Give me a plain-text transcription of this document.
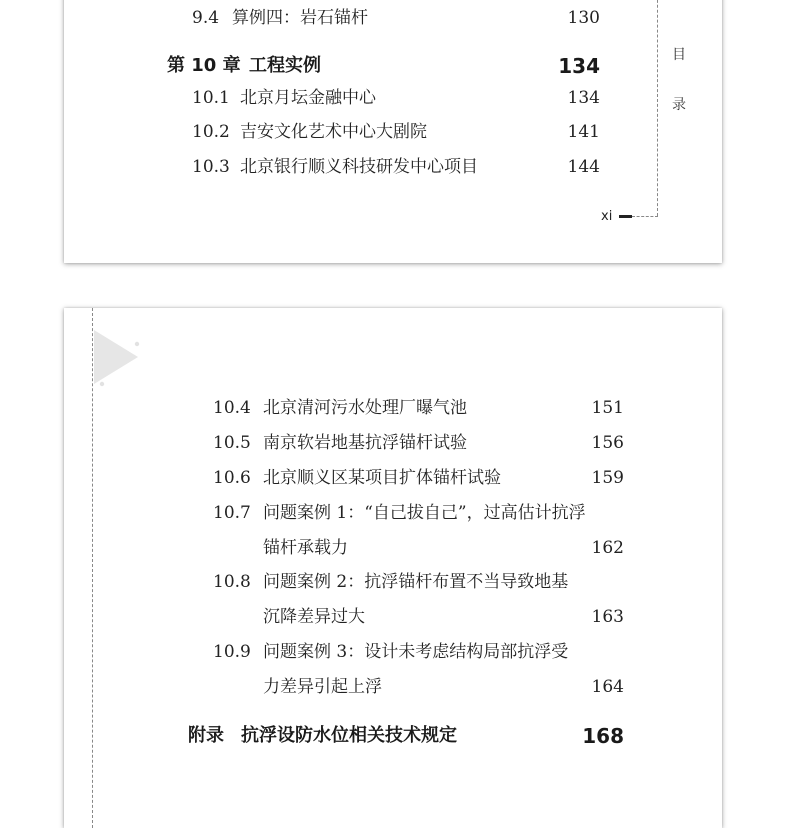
9.4 算例四：岩石锚杆	130
第 10 章 工程实例	134
10.1 北京月坛金融中心	134
10.2 吉安文化艺术中心大剧院	141
10.3 北京银行顺义科技研发中心项目	144
目
录
xi
10.4 北京清河污水处理厂曝气池	151
10.5 南京软岩地基抗浮锚杆试验	156
10.6 北京顺义区某项目扩体锚杆试验	159
10.7 问题案例 1：“自己拔自己”，过高估计抗浮
锚杆承载力	162
10.8 问题案例 2：抗浮锚杆布置不当导致地基
沉降差异过大	163
10.9 问题案例 3：设计未考虑结构局部抗浮受
力差异引起上浮	164
附录 抗浮设防水位相关技术规定	168
